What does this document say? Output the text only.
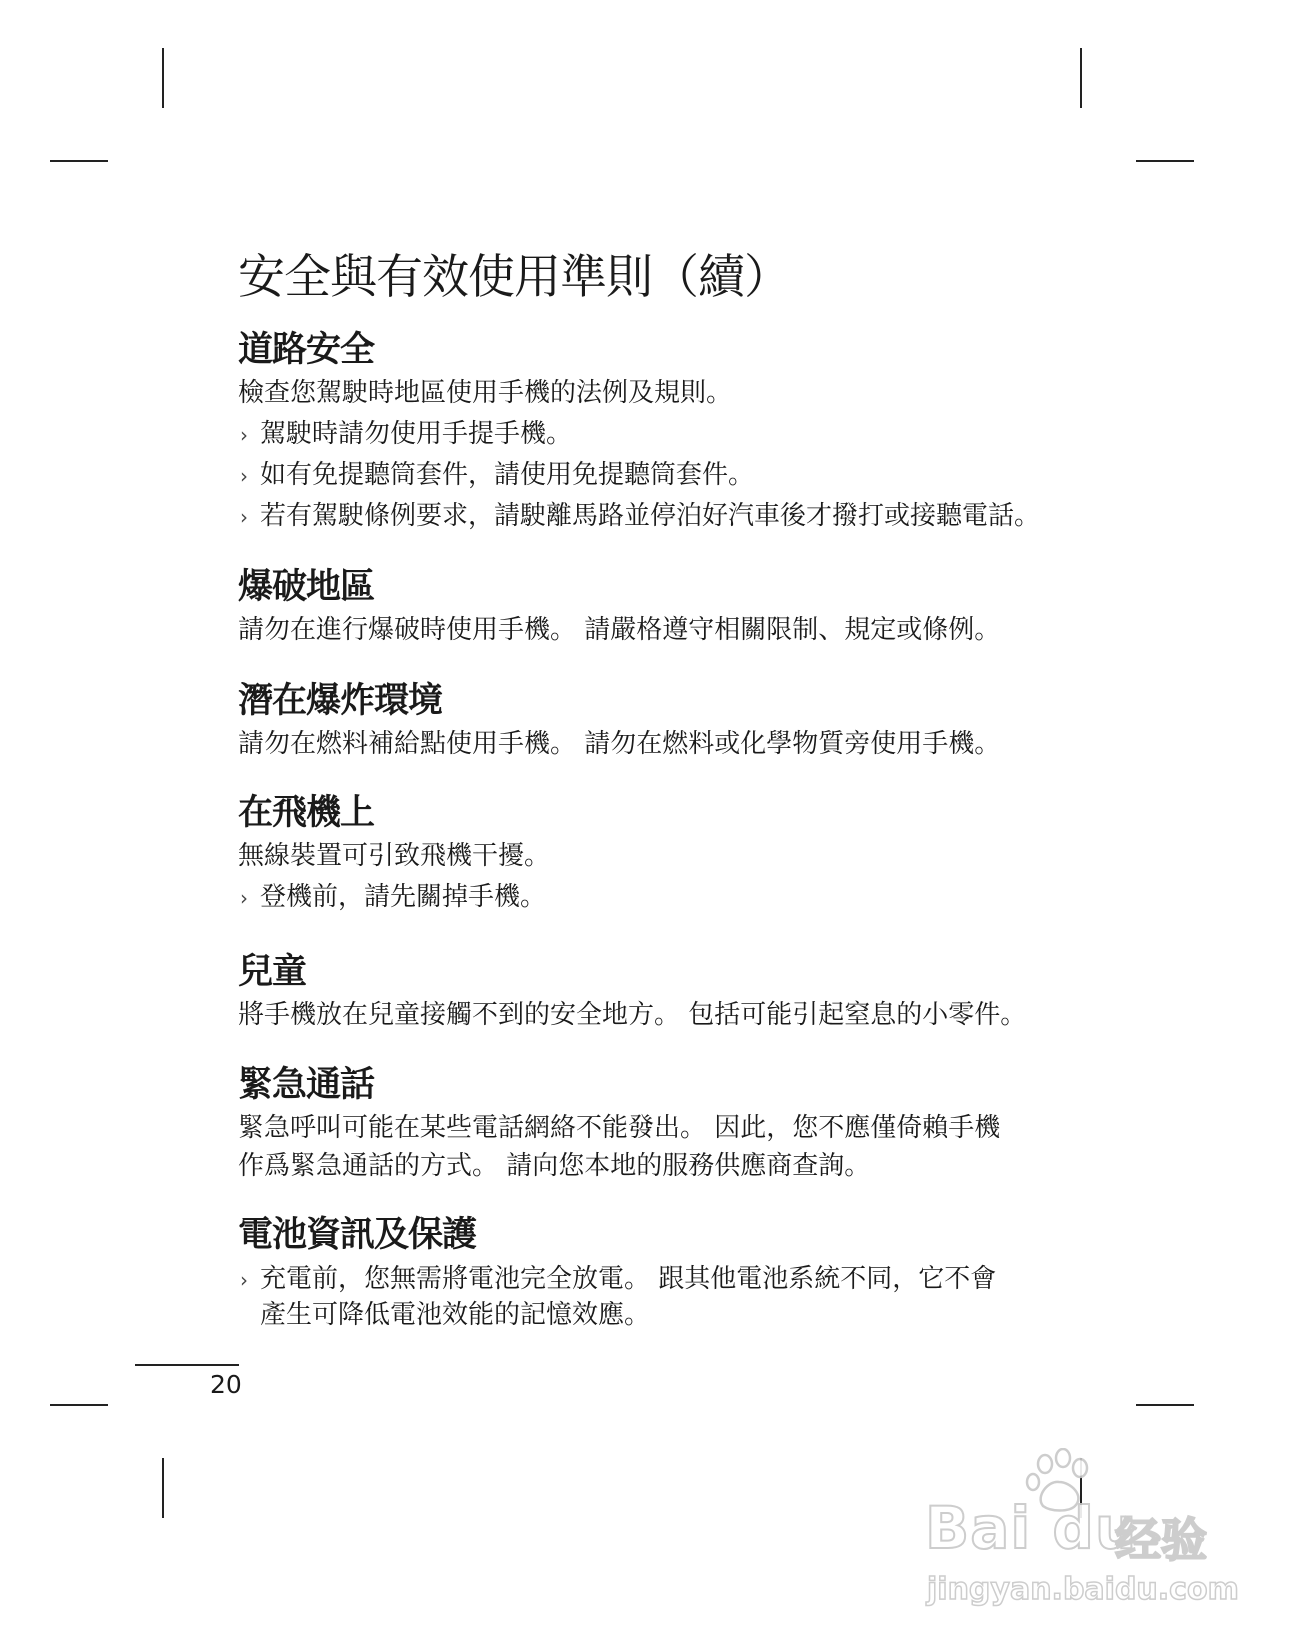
安全與有效使用準則（續）
道路安全

檢查您駕駛時地區使用手機的法例及規則。

› 駕駛時請勿使用手提手機。
› 如有免提聽筒套件，請使用免提聽筒套件。
› 若有駕駛條例要求，請駛離馬路並停泊好汽車後才撥打或接聽電話。
爆破地區

請勿在進行爆破時使用手機。 請嚴格遵守相關限制、規定或條例。

潛在爆炸環境

請勿在燃料補給點使用手機。 請勿在燃料或化學物質旁使用手機。

在飛機上

無線裝置可引致飛機干擾。

› 登機前，請先關掉手機。
兒童

將手機放在兒童接觸不到的安全地方。 包括可能引起窒息的小零件。

緊急通話

緊急呼叫可能在某些電話網絡不能發出。 因此，您不應僅倚賴手機
作爲緊急通話的方式。 請向您本地的服務供應商查詢。

電池資訊及保護
› 充電前，您無需將電池完全放電。 跟其他電池系統不同，它不會
產生可降低電池效能的記憶效應。
20
Bai du
经验
jingyan.baidu.com
